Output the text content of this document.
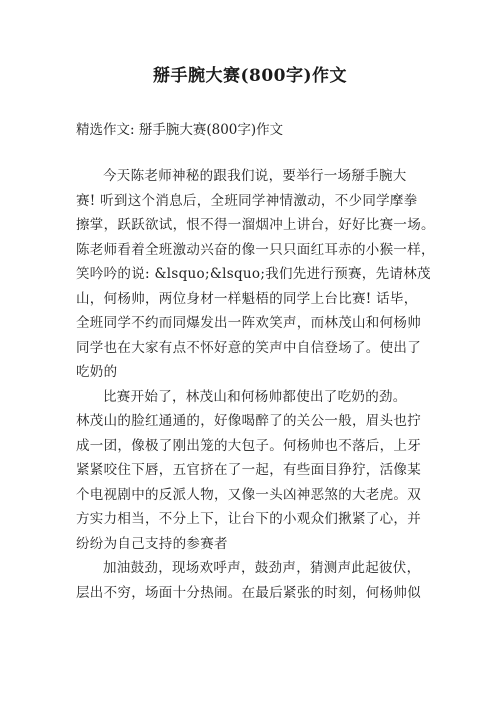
掰手腕大赛(800字)作文
精选作文: 掰手腕大赛(800字)作文
今天陈老师神秘的跟我们说，要举行一场掰手腕大
赛! 听到这个消息后，全班同学神情激动，不少同学摩拳
擦掌，跃跃欲试，恨不得一溜烟冲上讲台，好好比赛一场。
陈老师看着全班激动兴奋的像一只只面红耳赤的小猴一样，
笑吟吟的说: &lsquo;&lsquo;我们先进行预赛，先请林茂
山，何杨帅，两位身材一样魁梧的同学上台比赛! 话毕，
全班同学不约而同爆发出一阵欢笑声，而林茂山和何杨帅
同学也在大家有点不怀好意的笑声中自信登场了。使出了
吃奶的
比赛开始了，林茂山和何杨帅都使出了吃奶的劲。
林茂山的脸红通通的，好像喝醉了的关公一般，眉头也拧
成一团，像极了刚出笼的大包子。何杨帅也不落后，上牙
紧紧咬住下唇，五官挤在了一起，有些面目狰狞，活像某
个电视剧中的反派人物，又像一头凶神恶煞的大老虎。双
方实力相当，不分上下，让台下的小观众们揪紧了心，并
纷纷为自己支持的参赛者
加油鼓劲，现场欢呼声，鼓劲声，猜测声此起彼伏，
层出不穷，场面十分热闹。在最后紧张的时刻，何杨帅似
